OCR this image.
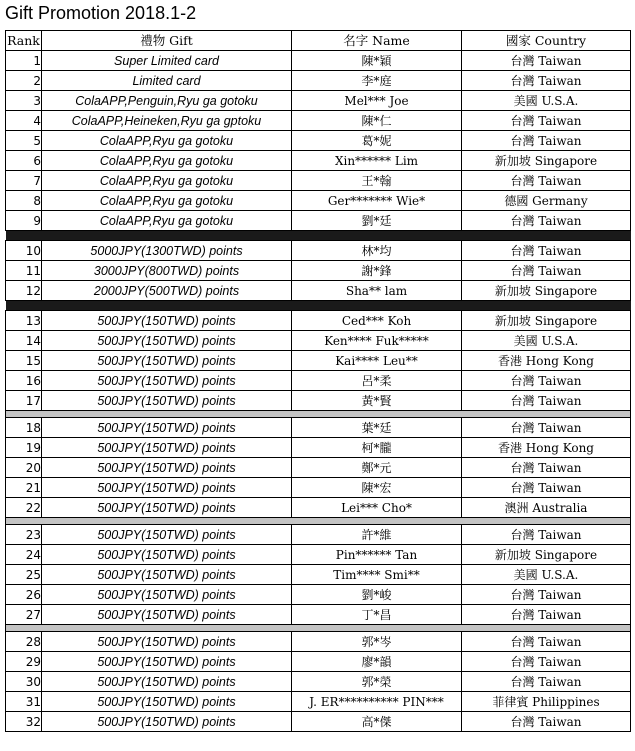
Gift Promotion 2018.1-2
Rank	禮物 Gift	名字 Name	國家 Country
1	Super Limited card	陳*穎	台灣 Taiwan
2	Limited card	李*庭	台灣 Taiwan
3	ColaAPP,Penguin,Ryu ga gotoku	Mel*** Joe	美國 U.S.A.
4	ColaAPP,Heineken,Ryu ga gptoku	陳*仁	台灣 Taiwan
5	ColaAPP,Ryu ga gotoku	葛*妮	台灣 Taiwan
6	ColaAPP,Ryu ga gotoku	Xin****** Lim	新加坡 Singapore
7	ColaAPP,Ryu ga gotoku	王*翰	台灣 Taiwan
8	ColaAPP,Ryu ga gotoku	Ger******* Wie*	德國 Germany
9	ColaAPP,Ryu ga gotoku	劉*廷	台灣 Taiwan

10	5000JPY(1300TWD) points	林*均	台灣 Taiwan
11	3000JPY(800TWD) points	謝*鋒	台灣 Taiwan
12	2000JPY(500TWD) points	Sha** lam	新加坡 Singapore

13	500JPY(150TWD) points	Ced*** Koh	新加坡 Singapore
14	500JPY(150TWD) points	Ken**** Fuk*****	美國 U.S.A.
15	500JPY(150TWD) points	Kai**** Leu**	香港 Hong Kong
16	500JPY(150TWD) points	呂*柔	台灣 Taiwan
17	500JPY(150TWD) points	黃*賢	台灣 Taiwan

18	500JPY(150TWD) points	葉*廷	台灣 Taiwan
19	500JPY(150TWD) points	柯*朧	香港 Hong Kong
20	500JPY(150TWD) points	鄭*元	台灣 Taiwan
21	500JPY(150TWD) points	陳*宏	台灣 Taiwan
22	500JPY(150TWD) points	Lei*** Cho*	澳洲 Australia

23	500JPY(150TWD) points	許*維	台灣 Taiwan
24	500JPY(150TWD) points	Pin****** Tan	新加坡 Singapore
25	500JPY(150TWD) points	Tim**** Smi**	美國 U.S.A.
26	500JPY(150TWD) points	劉*峻	台灣 Taiwan
27	500JPY(150TWD) points	丁*昌	台灣 Taiwan

28	500JPY(150TWD) points	郭*岑	台灣 Taiwan
29	500JPY(150TWD) points	廖*韻	台灣 Taiwan
30	500JPY(150TWD) points	郭*榮	台灣 Taiwan
31	500JPY(150TWD) points	J. ER********** PIN***	菲律賓 Philippines
32	500JPY(150TWD) points	高*傑	台灣 Taiwan
